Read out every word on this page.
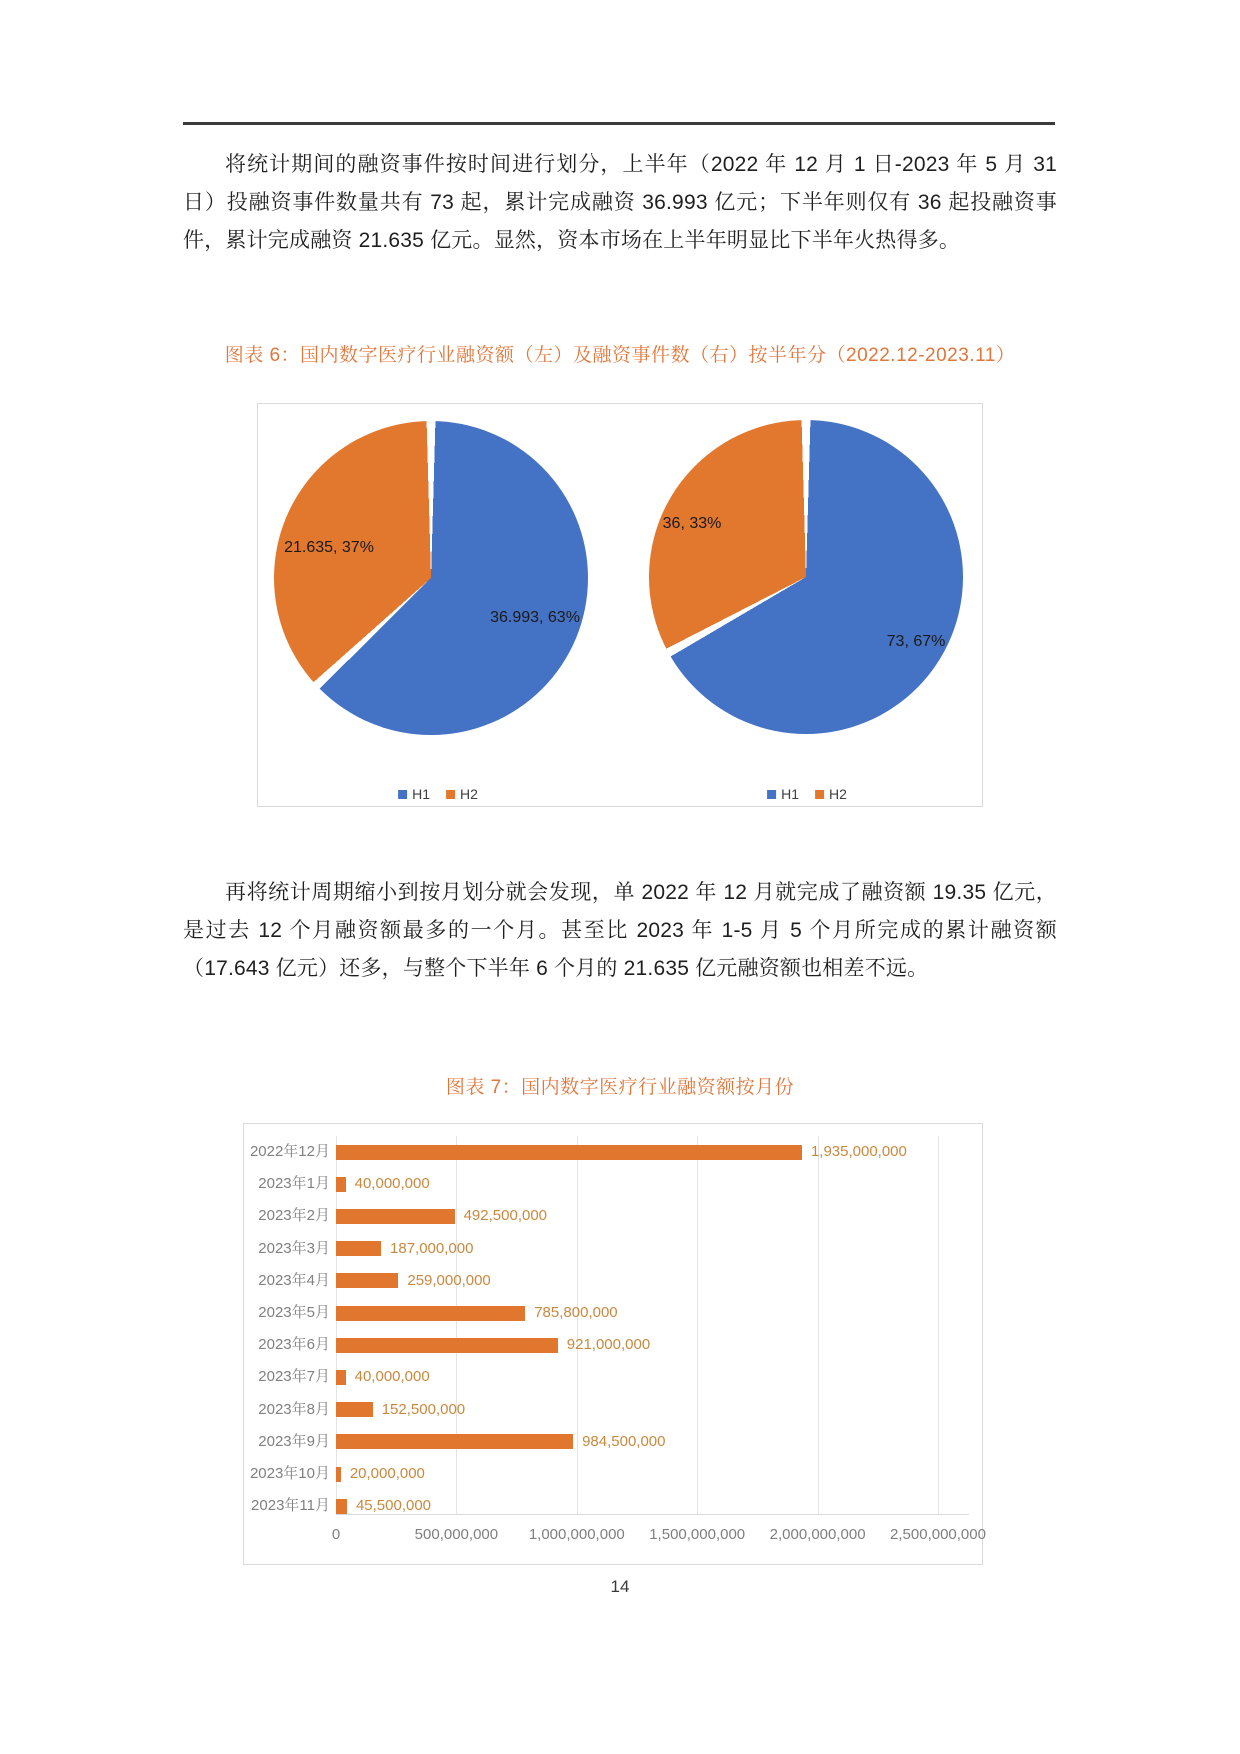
将统计期间的融资事件按时间进行划分，上半年（2022 年 12 月 1 日-2023 年 5 月 31 日）投融资事件数量共有 73 起，累计完成融资 36.993 亿元；下半年则仅有 36 起投融资事件，累计完成融资 21.635 亿元。显然，资本市场在上半年明显比下半年火热得多。

图表 6：国内数字医疗行业融资额（左）及融资事件数（右）按半年分（2022.12-2023.11）
21.635, 37%
36.993, 63%
36, 33%
73, 67%
H1 H2	H1 H2

再将统计周期缩小到按月划分就会发现，单 2022 年 12 月就完成了融资额 19.35 亿元，是过去 12 个月融资额最多的一个月。甚至比 2023 年 1-5 月 5 个月所完成的累计融资额（17.643 亿元）还多，与整个下半年 6 个月的 21.635 亿元融资额也相差不远。

图表 7：国内数字医疗行业融资额按月份
0	500,000,000 1,000,000,000 1,500,000,000 2,000,000,000 2,500,000,000
2022年12月	1,935,000,000
2023年1月 40,000,000
2023年2月	492,500,000
2023年3月	187,000,000
2023年4月	259,000,000
2023年5月	785,800,000
2023年6月	921,000,000
2023年7月 40,000,000
2023年8月	152,500,000
2023年9月	984,500,000
2023年10月 20,000,000
2023年11月 45,500,000
14
